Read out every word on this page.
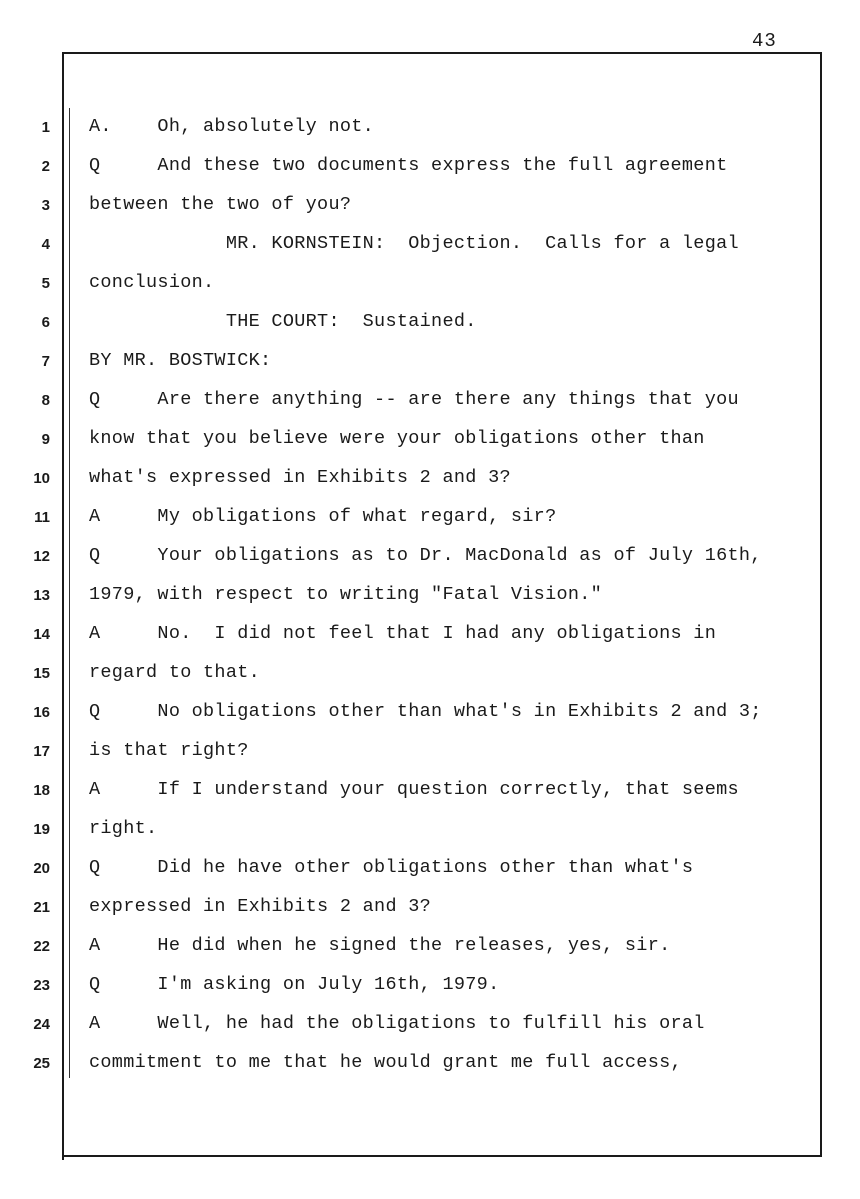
43
1 A.    Oh, absolutely not.
2 Q     And these two documents express the full agreement
3 between the two of you?
4 MR. KORNSTEIN:  Objection.  Calls for a legal
5 conclusion.
6 THE COURT:  Sustained.
7 BY MR. BOSTWICK:
8 Q     Are there anything -- are there any things that you
9 know that you believe were your obligations other than
10 what's expressed in Exhibits 2 and 3?
11 A     My obligations of what regard, sir?
12 Q     Your obligations as to Dr. MacDonald as of July 16th,
13 1979, with respect to writing "Fatal Vision."
14 A     No.  I did not feel that I had any obligations in
15 regard to that.
16 Q     No obligations other than what's in Exhibits 2 and 3;
17 is that right?
18 A     If I understand your question correctly, that seems
19 right.
20 Q     Did he have other obligations other than what's
21 expressed in Exhibits 2 and 3?
22 A     He did when he signed the releases, yes, sir.
23 Q     I'm asking on July 16th, 1979.
24 A     Well, he had the obligations to fulfill his oral
25 commitment to me that he would grant me full access,
